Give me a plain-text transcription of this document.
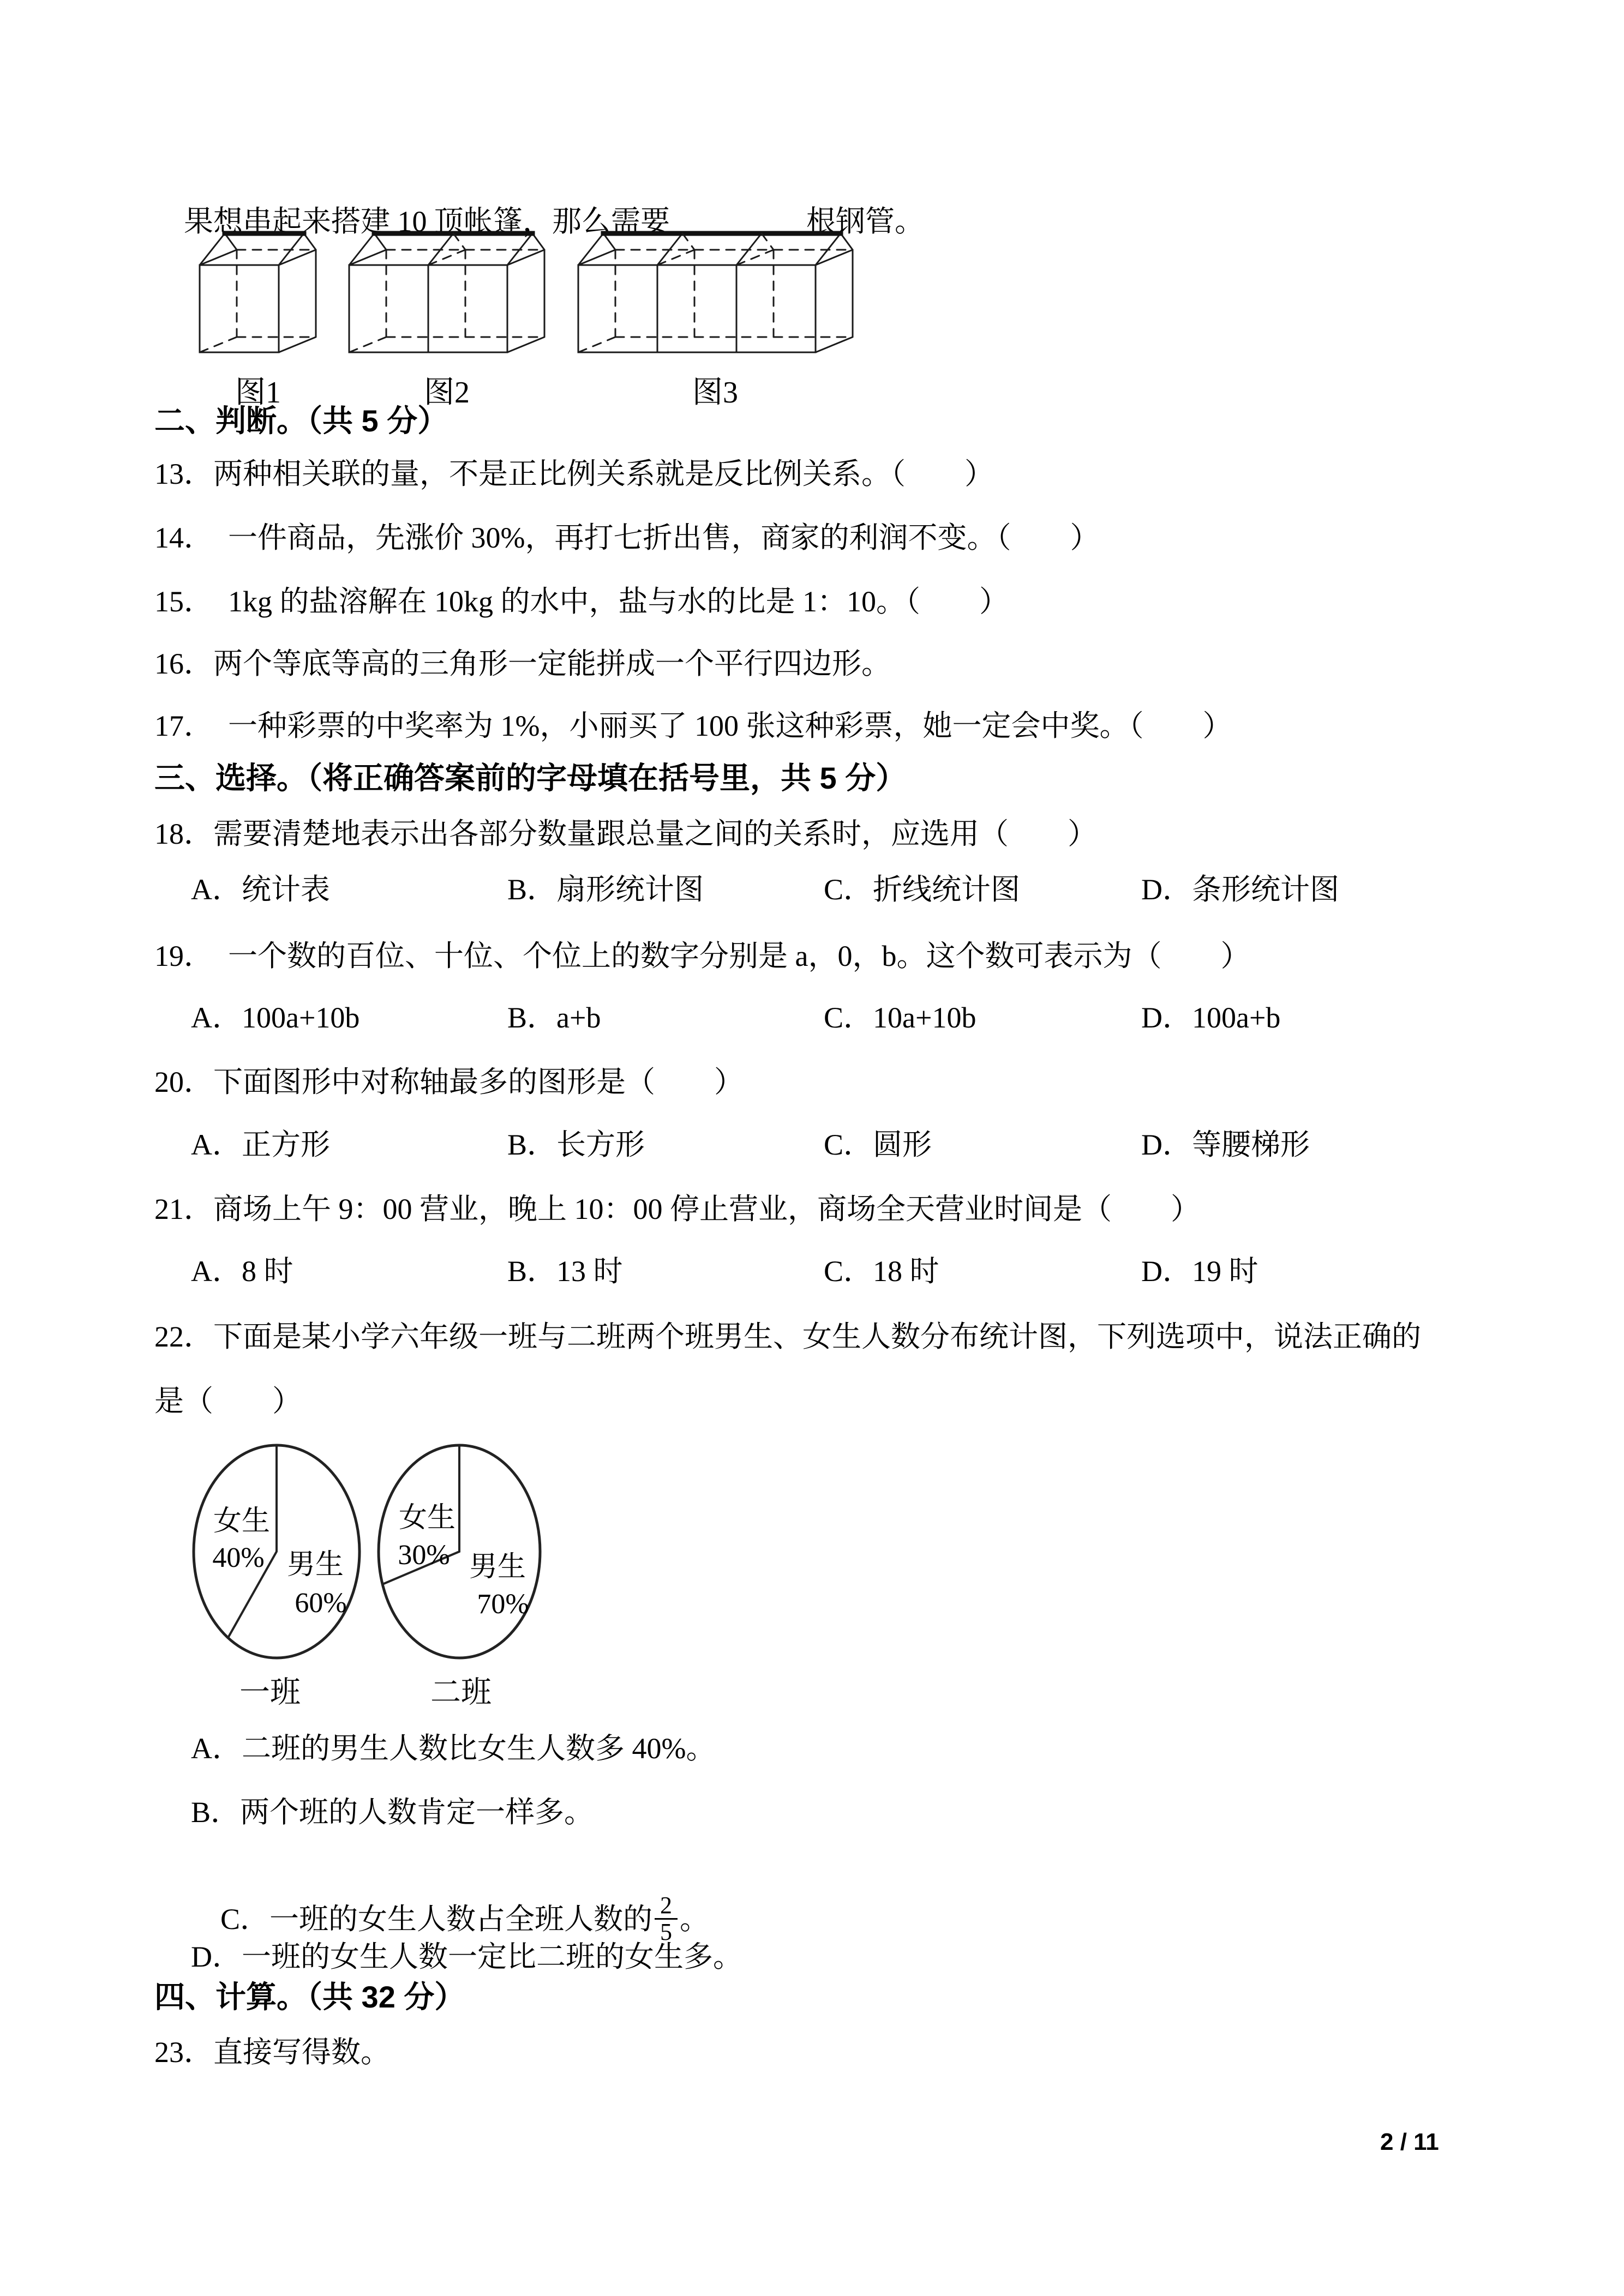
果想串起来搭建 10 顶帐篷，那么需要	根钢管。

图1	图2	图3
二、判断。（共 5 分）
13．两种相关联的量，不是正比例关系就是反比例关系。（　　）
14．　一件商品，先涨价 30%，再打七折出售，商家的利润不变。（　　）
15．　1kg 的盐溶解在 10kg 的水中，盐与水的比是 1：10。（　　）
16．两个等底等高的三角形一定能拼成一个平行四边形。
17．　一种彩票的中奖率为 1%，小丽买了 100 张这种彩票，她一定会中奖。（　　）
三、选择。（将正确答案前的字母填在括号里，共 5 分）
18．需要清楚地表示出各部分数量跟总量之间的关系时，应选用（　　）
A．统计表	B．扇形统计图	C．折线统计图	D．条形统计图
19．　一个数的百位、十位、个位上的数字分别是 a，0，b。这个数可表示为（　　）
A．100a+10b	B．a+b	C．10a+10b	D．100a+b
20．下面图形中对称轴最多的图形是（　　）
A．正方形	B．长方形	C．圆形	D．等腰梯形
21．商场上午 9：00 营业，晚上 10：00 停止营业，商场全天营业时间是（　　）
A．8 时	B．13 时	C．18 时	D．19 时
22．下面是某小学六年级一班与二班两个班男生、女生人数分布统计图，下列选项中，说法正确的
是（　　）
女生
40% 男生
60%
一班
女生
30% 男生
70%
二班
A．二班的男生人数比女生人数多 40%。
B．两个班的人数肯定一样多。

C．一班的女生人数占全班人数的 $\frac{2}{5}$ 。

D．一班的女生人数一定比二班的女生多。
四、计算。（共 32 分）
23．直接写得数。
2 / 11
